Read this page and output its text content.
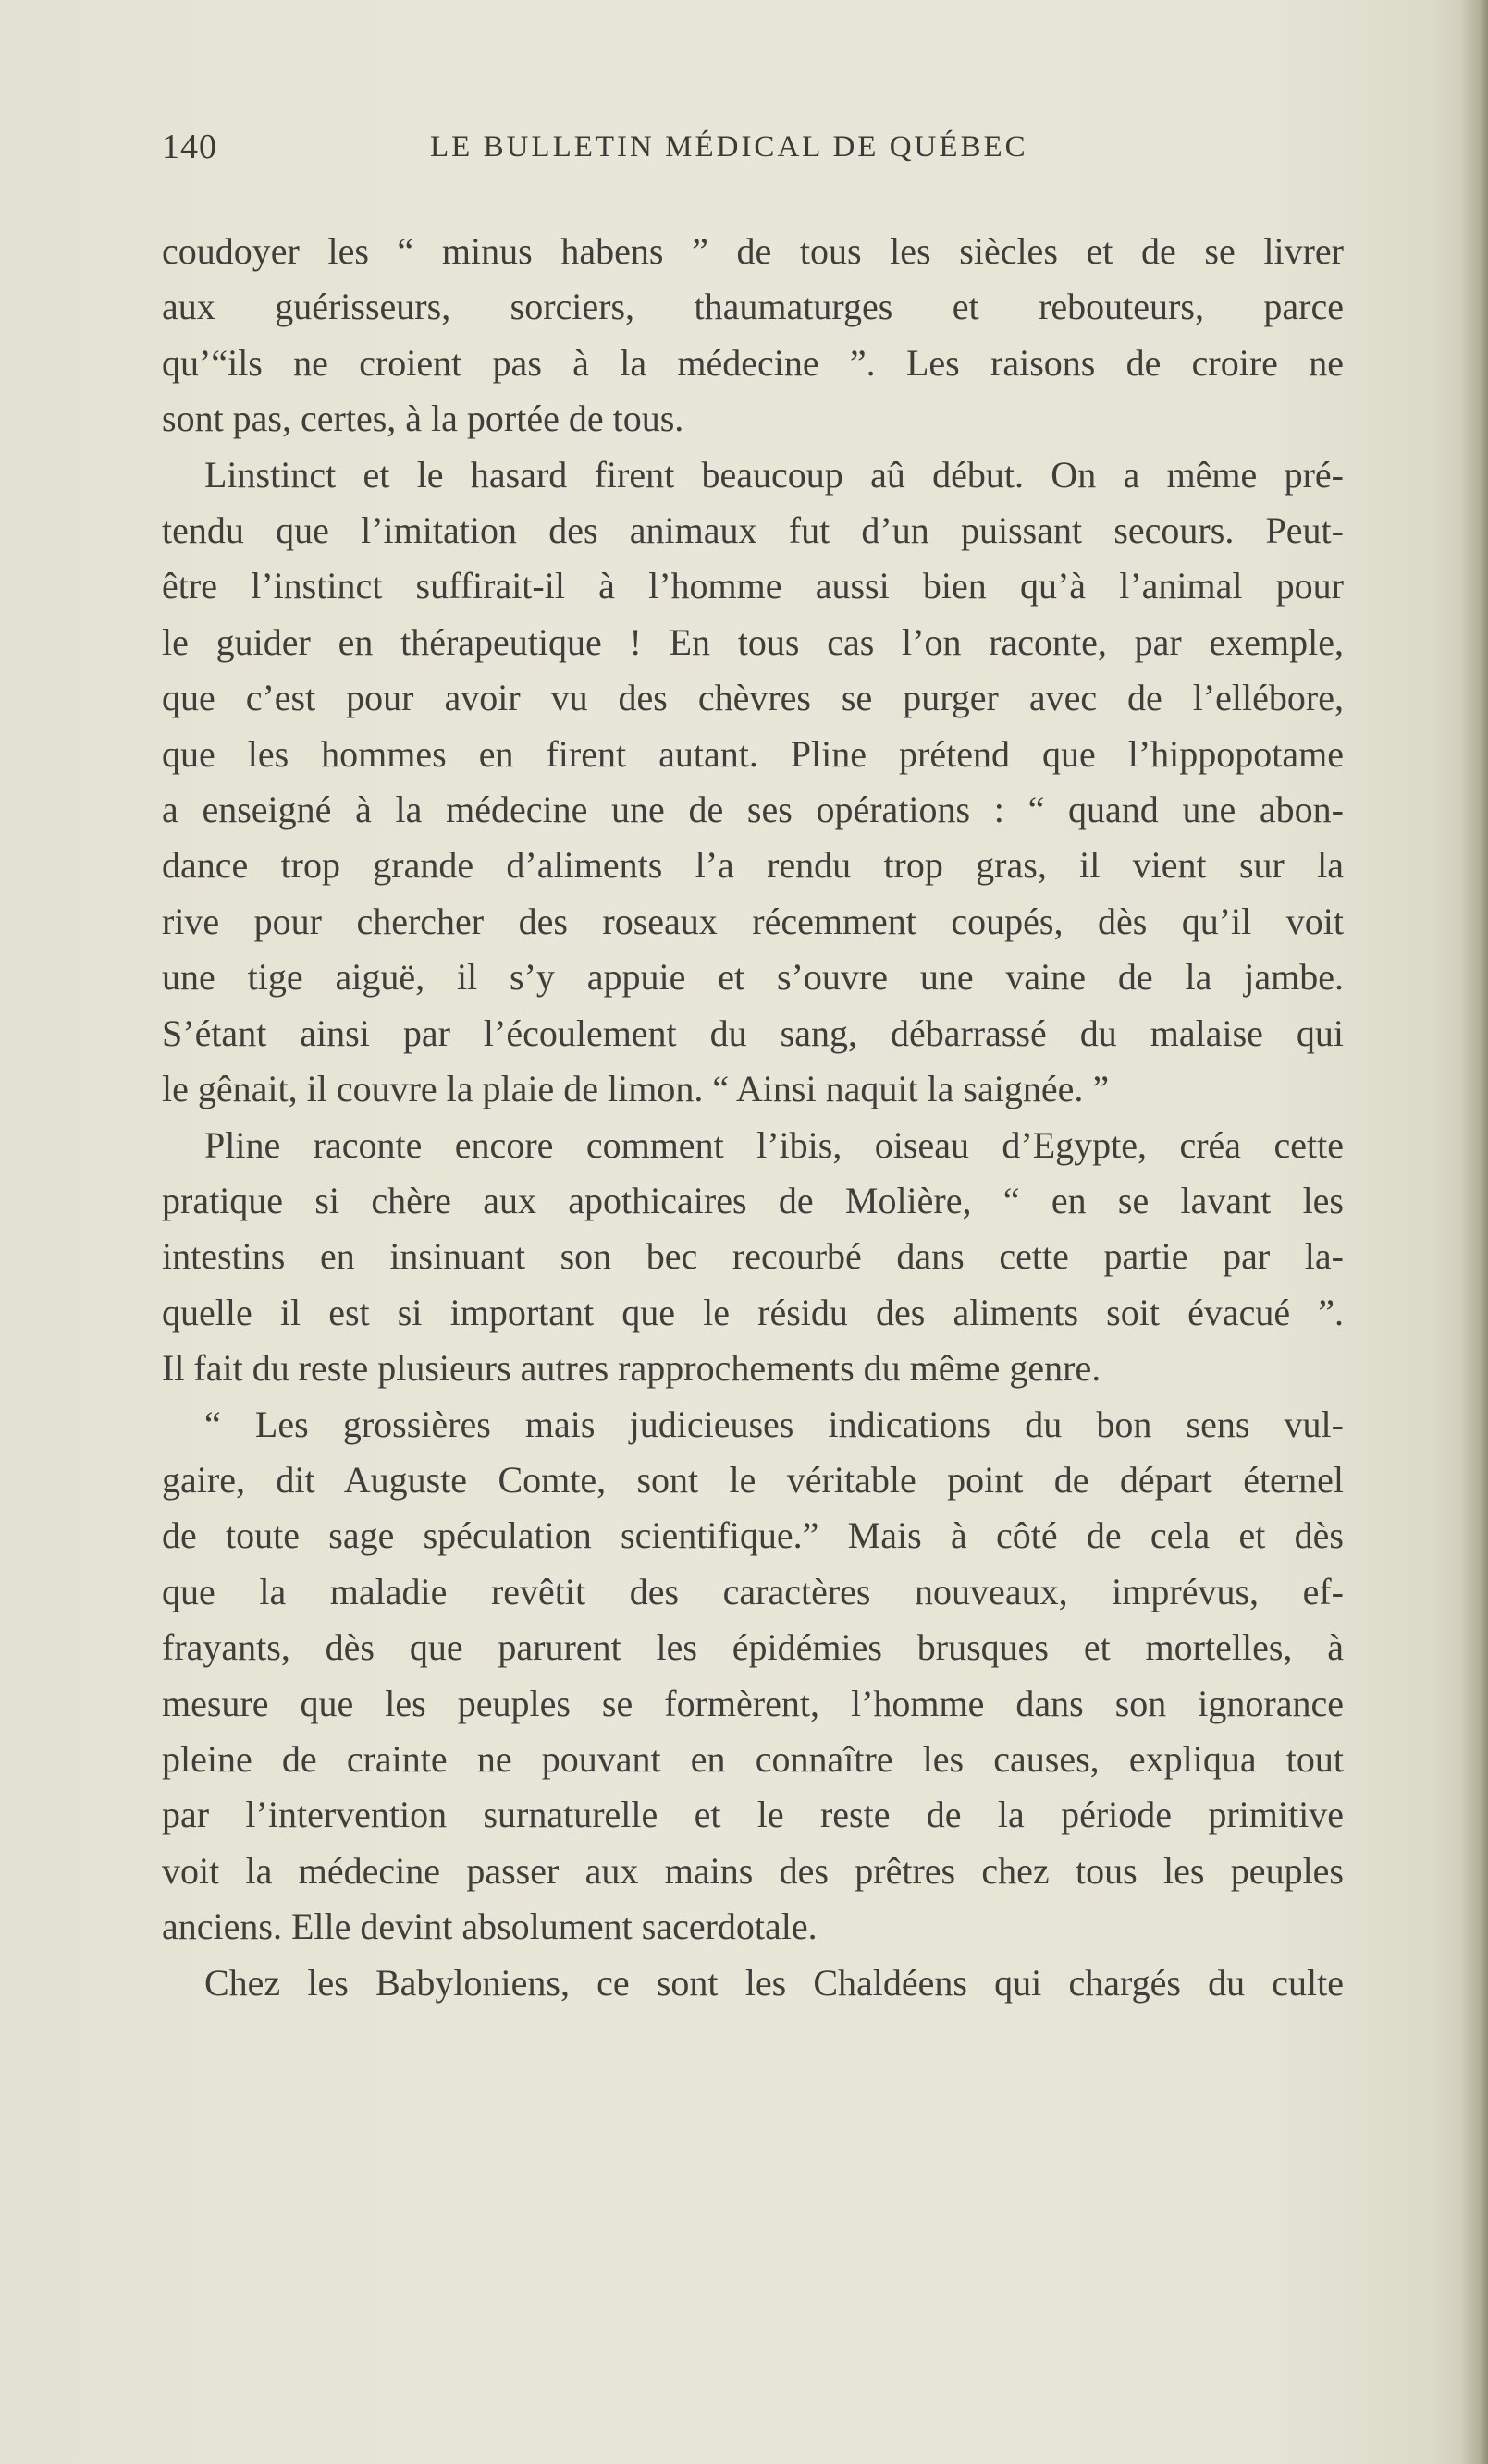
140	LE BULLETIN MÉDICAL DE QUÉBEC

coudoyer les “ minus habens ” de tous les siècles et de se livrer
aux guérisseurs, sorciers, thaumaturges et rebouteurs, parce
qu’“ils ne croient pas à la médecine ”. Les raisons de croire ne
sont pas, certes, à la portée de tous.

Linstinct et le hasard firent beaucoup aû début. On a même pré-
tendu que l’imitation des animaux fut d’un puissant secours. Peut-
être l’instinct suffirait-il à l’homme aussi bien qu’à l’animal pour
le guider en thérapeutique ! En tous cas l’on raconte, par exemple,
que c’est pour avoir vu des chèvres se purger avec de l’ellébore,
que les hommes en firent autant. Pline prétend que l’hippopotame
a enseigné à la médecine une de ses opérations : “ quand une abon-
dance trop grande d’aliments l’a rendu trop gras, il vient sur la
rive pour chercher des roseaux récemment coupés, dès qu’il voit
une tige aiguë, il s’y appuie et s’ouvre une vaine de la jambe.
S’étant ainsi par l’écoulement du sang, débarrassé du malaise qui
le gênait, il couvre la plaie de limon. “ Ainsi naquit la saignée. ”

Pline raconte encore comment l’ibis, oiseau d’Egypte, créa cette
pratique si chère aux apothicaires de Molière, “ en se lavant les
intestins en insinuant son bec recourbé dans cette partie par la-
quelle il est si important que le résidu des aliments soit évacué ”.
Il fait du reste plusieurs autres rapprochements du même genre.

“ Les grossières mais judicieuses indications du bon sens vul-
gaire, dit Auguste Comte, sont le véritable point de départ éternel
de toute sage spéculation scientifique.” Mais à côté de cela et dès
que la maladie revêtit des caractères nouveaux, imprévus, ef-
frayants, dès que parurent les épidémies brusques et mortelles, à
mesure que les peuples se formèrent, l’homme dans son ignorance
pleine de crainte ne pouvant en connaître les causes, expliqua tout
par l’intervention surnaturelle et le reste de la période primitive
voit la médecine passer aux mains des prêtres chez tous les peuples
anciens. Elle devint absolument sacerdotale.

Chez les Babyloniens, ce sont les Chaldéens qui chargés du culte
